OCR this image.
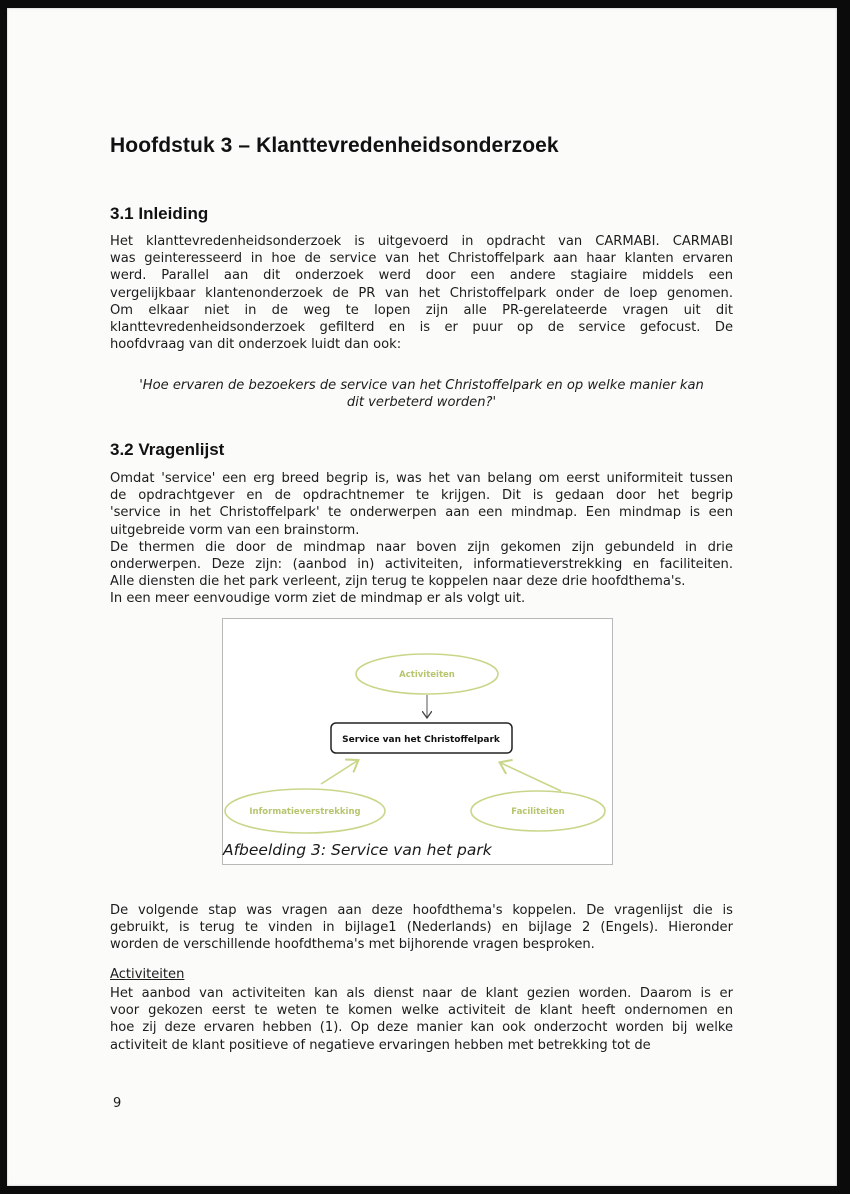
Hoofdstuk 3 – Klanttevredenheidsonderzoek
3.1 Inleiding
Het klanttevredenheidsonderzoek is uitgevoerd in opdracht van CARMABI. CARMABI
was geinteresseerd in hoe de service van het Christoffelpark aan haar klanten ervaren
werd. Parallel aan dit onderzoek werd door een andere stagiaire middels een
vergelijkbaar klantenonderzoek de PR van het Christoffelpark onder de loep genomen.
Om elkaar niet in de weg te lopen zijn alle PR-gerelateerde vragen uit dit
klanttevredenheidsonderzoek gefilterd en is er puur op de service gefocust. De
hoofdvraag van dit onderzoek luidt dan ook:
'Hoe ervaren de bezoekers de service van het Christoffelpark en op welke manier kan
dit verbeterd worden?'
3.2 Vragenlijst
Omdat 'service' een erg breed begrip is, was het van belang om eerst uniformiteit tussen
de opdrachtgever en de opdrachtnemer te krijgen. Dit is gedaan door het begrip
'service in het Christoffelpark' te onderwerpen aan een mindmap. Een mindmap is een
uitgebreide vorm van een brainstorm.
De thermen die door de mindmap naar boven zijn gekomen zijn gebundeld in drie
onderwerpen. Deze zijn: (aanbod in) activiteiten, informatieverstrekking en faciliteiten.
Alle diensten die het park verleent, zijn terug te koppelen naar deze drie hoofdthema's.
In een meer eenvoudige vorm ziet de mindmap er als volgt uit.
Activiteiten
Service van het Christoffelpark
Informatieverstrekking	Faciliteiten
Afbeelding 3: Service van het park
De volgende stap was vragen aan deze hoofdthema's koppelen. De vragenlijst die is
gebruikt, is terug te vinden in bijlage1 (Nederlands) en bijlage 2 (Engels). Hieronder
worden de verschillende hoofdthema's met bijhorende vragen besproken.
Activiteiten
Het aanbod van activiteiten kan als dienst naar de klant gezien worden. Daarom is er
voor gekozen eerst te weten te komen welke activiteit de klant heeft ondernomen en
hoe zij deze ervaren hebben (1). Op deze manier kan ook onderzocht worden bij welke
activiteit de klant positieve of negatieve ervaringen hebben met betrekking tot de
9
